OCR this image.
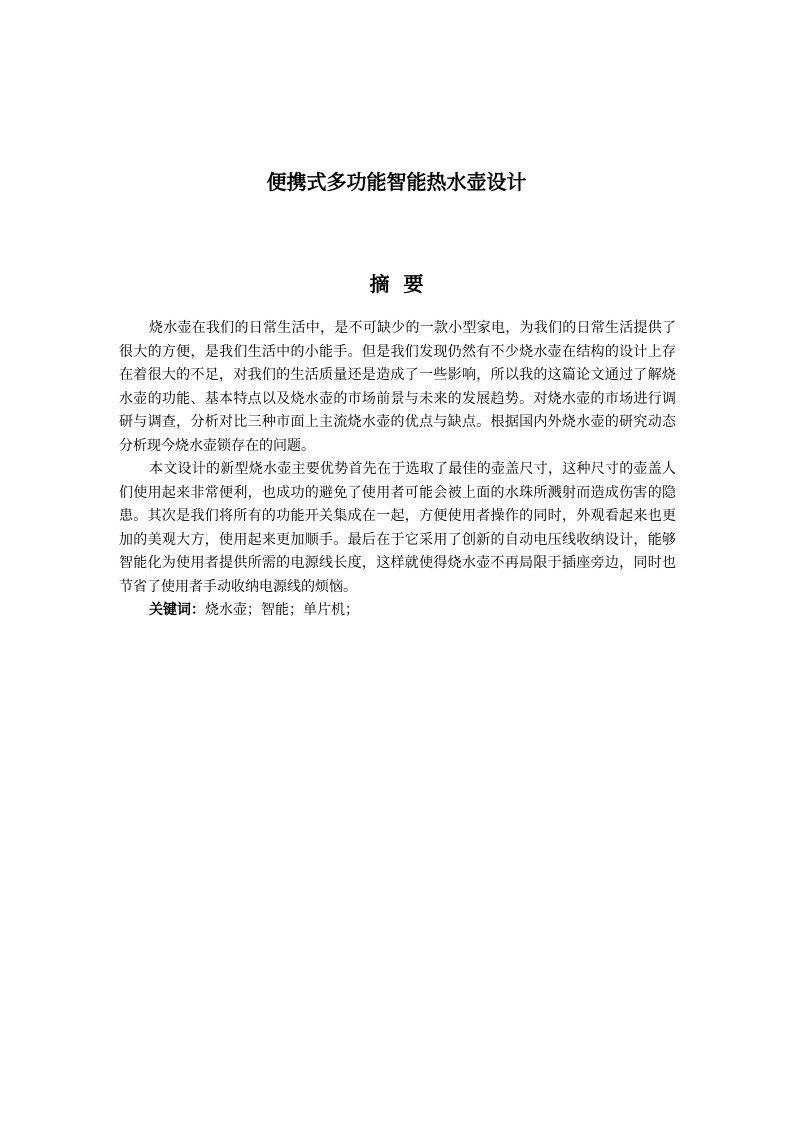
便携式多功能智能热水壶设计
摘要

烧水壶在我们的日常生活中，是不可缺少的一款小型家电，为我们的日常生活提供了很大的方便，是我们生活中的小能手。但是我们发现仍然有不少烧水壶在结构的设计上存在着很大的不足，对我们的生活质量还是造成了一些影响，所以我的这篇论文通过了解烧水壶的功能、基本特点以及烧水壶的市场前景与未来的发展趋势。对烧水壶的市场进行调研与调查，分析对比三种市面上主流烧水壶的优点与缺点。根据国内外烧水壶的研究动态分析现今烧水壶锁存在的问题。

本文设计的新型烧水壶主要优势首先在于选取了最佳的壶盖尺寸，这种尺寸的壶盖人们使用起来非常便利，也成功的避免了使用者可能会被上面的水珠所溅射而造成伤害的隐患。其次是我们将所有的功能开关集成在一起，方便使用者操作的同时，外观看起来也更加的美观大方，使用起来更加顺手。最后在于它采用了创新的自动电压线收纳设计，能够智能化为使用者提供所需的电源线长度，这样就使得烧水壶不再局限于插座旁边，同时也节省了使用者手动收纳电源线的烦恼。

关键词：烧水壶；智能；单片机；
